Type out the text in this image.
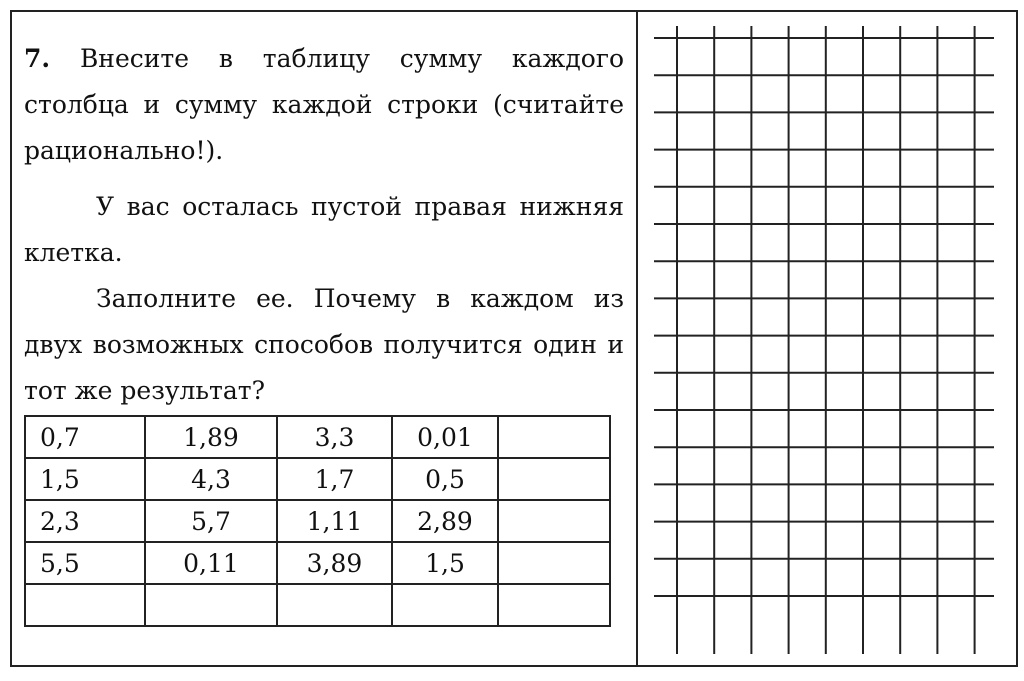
7. Внесите в таблицу сумму каждого столбца и сумму каждой строки (считайте рационально!).

У вас осталась пустой правая нижняя клетка.

Заполните ее. Почему в каждом из двух возможных способов получится один и тот же результат?

0,7	1,89	3,3	0,01	
1,5	4,3	1,7	0,5	
2,3	5,7	1,11	2,89	
5,5	0,11	3,89	1,5	
